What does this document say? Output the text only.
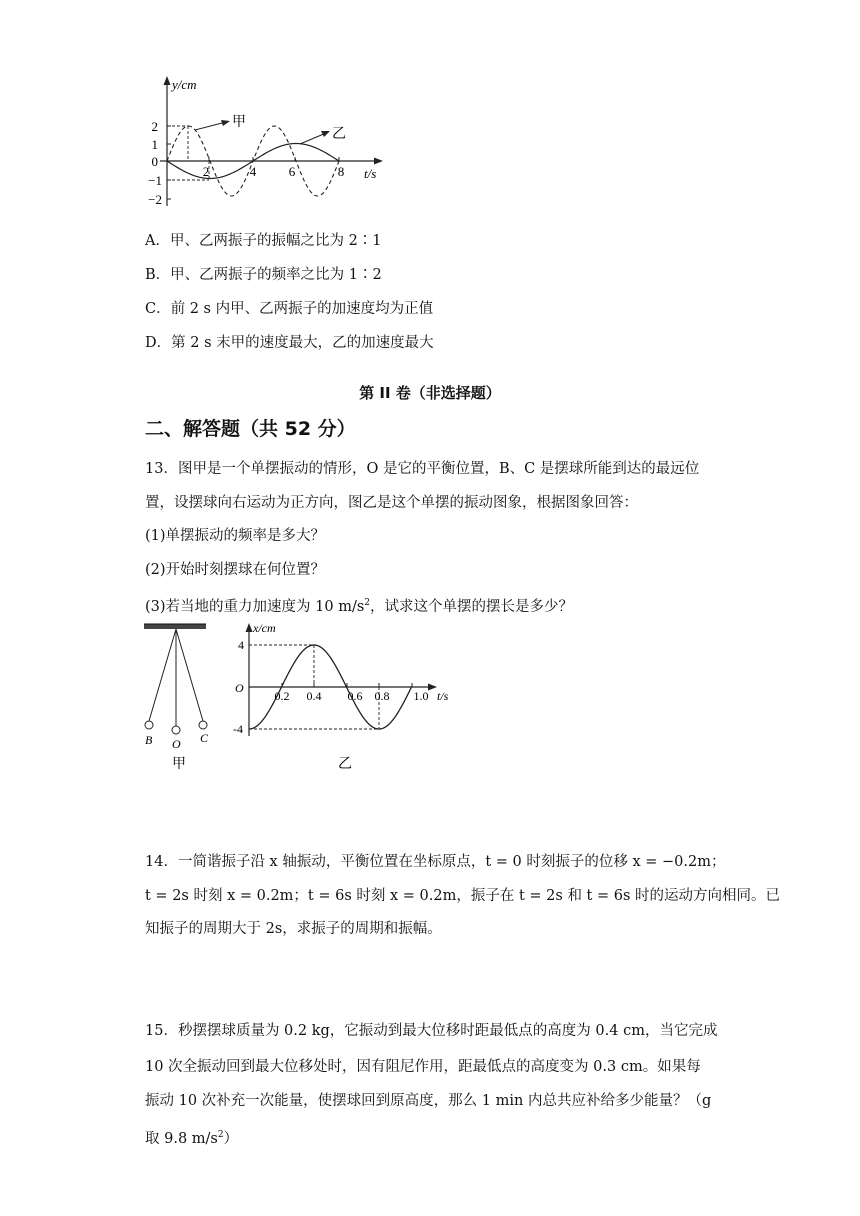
y/cm
t/s
2
1
0
−1
−2
2	4	6	8
甲
乙
A．甲、乙两振子的振幅之比为 2∶1
B．甲、乙两振子的频率之比为 1∶2
C．前 2 s 内甲、乙两振子的加速度均为正值
D．第 2 s 末甲的速度最大，乙的加速度最大
第 II 卷（非选择题）
二、解答题（共 52 分）
13．图甲是一个单摆振动的情形，O 是它的平衡位置，B、C 是摆球所能到达的最远位
置，设摆球向右运动为正方向，图乙是这个单摆的振动图象，根据图象回答：
(1)单摆振动的频率是多大？
(2)开始时刻摆球在何位置？
(3)若当地的重力加速度为 10 $m/s^2$，试求这个单摆的摆长是多少？
B O C
甲
x/cm
t/s
O
4
-4
0.2 0.4 0.6 0.8 1.0
乙
14．一简谐振子沿 x 轴振动，平衡位置在坐标原点，t = 0 时刻振子的位移 x = −0.2m；
t = 2s 时刻 x = 0.2m；t = 6s 时刻 x = 0.2m，振子在 t = 2s 和 t = 6s 时的运动方向相同。已
知振子的周期大于 2s，求振子的周期和振幅。
15．秒摆摆球质量为 0.2 kg，它振动到最大位移时距最低点的高度为 0.4 cm，当它完成
10 次全振动回到最大位移处时，因有阻尼作用，距最低点的高度变为 0.3 cm。如果每
振动 10 次补充一次能量，使摆球回到原高度，那么 1 min 内总共应补给多少能量？（g
取 9.8 $m/s^2$）
